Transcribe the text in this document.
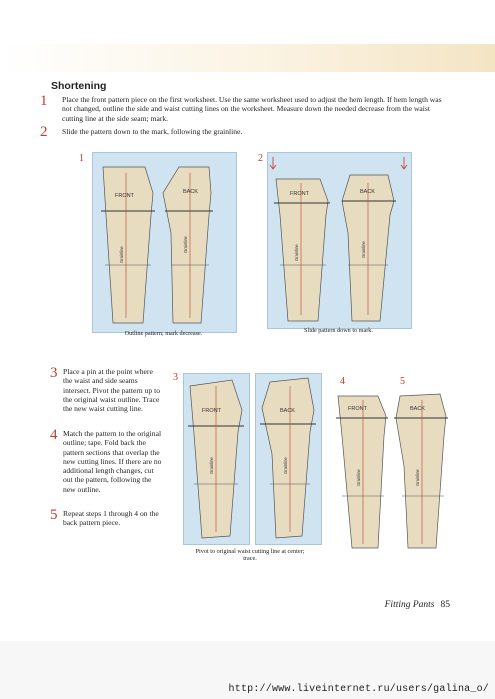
Shortening
1 Place the front pattern piece on the first worksheet. Use the same worksheet used to adjust the hem length. If hem length was not changed, outline the side and waist cutting lines on the worksheet. Measure down the needed decrease from the waist cutting line at the side seam; mark.
2 Slide the pattern down to the mark, following the grainline.
1
FRONT
Grainline
BACK
Grainline
Outline pattern; mark decrease.
2
FRONT
Grainline
BACK
Grainline
Slide pattern down to mark.
3 Place a pin at the point where the waist and side seams intersect. Pivot the pattern up to the original waist outline. Trace the new waist cutting line.
4 Match the pattern to the original outline; tape. Fold back the pattern sections that overlap the new cutting lines. If there are no additional length changes, cut out the pattern, following the new outline.
5 Repeat steps 1 through 4 on the back pattern piece.
3
FRONT
Grainline
BACK
Grainline
Pivot to original waist cutting line at center; trace.
4
FRONT
Grainline
5
BACK
Grainline
Fitting Pants 85
http://www.liveinternet.ru/users/galina_o/
